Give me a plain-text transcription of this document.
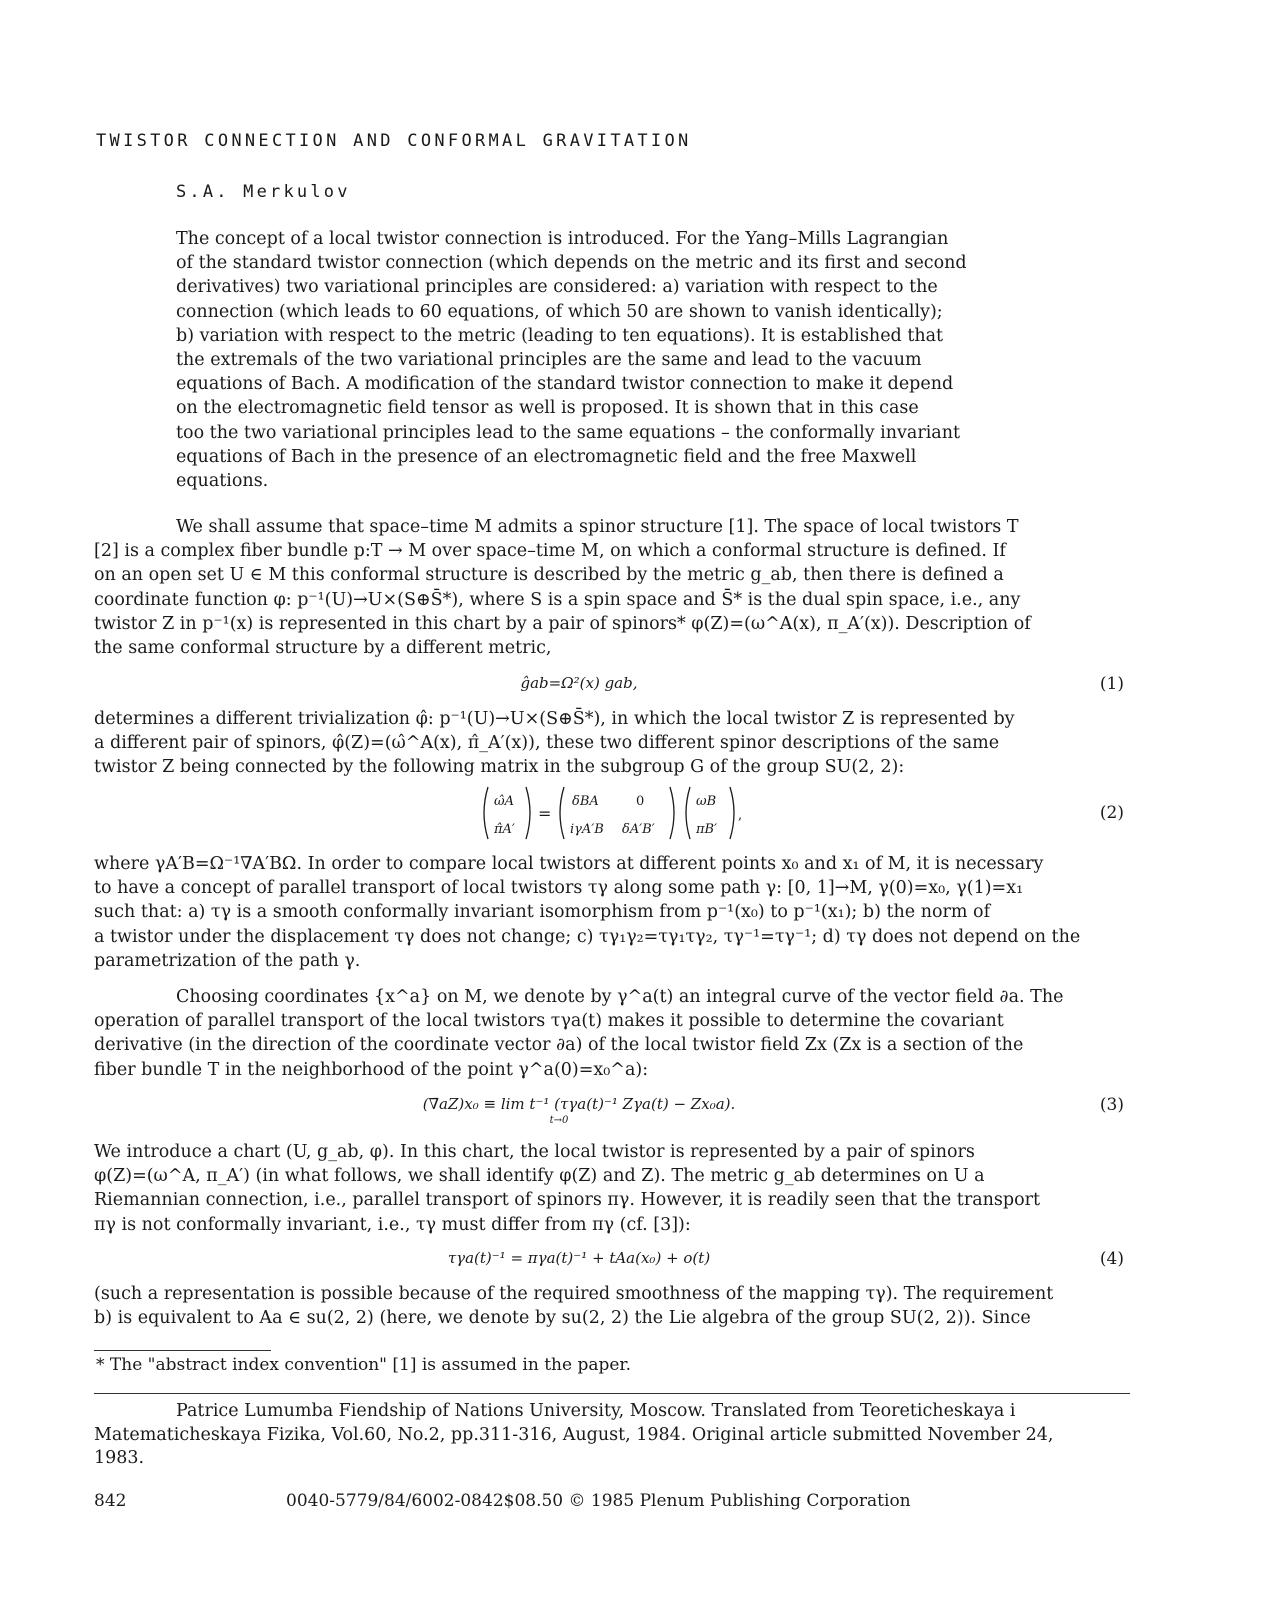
TWISTOR CONNECTION AND CONFORMAL GRAVITATION
S.A. Merkulov
The concept of a local twistor connection is introduced. For the Yang–Mills Lagrangian
of the standard twistor connection (which depends on the metric and its first and second
derivatives) two variational principles are considered: a) variation with respect to the
connection (which leads to 60 equations, of which 50 are shown to vanish identically);
b) variation with respect to the metric (leading to ten equations). It is established that
the extremals of the two variational principles are the same and lead to the vacuum
equations of Bach. A modification of the standard twistor connection to make it depend
on the electromagnetic field tensor as well is proposed. It is shown that in this case
too the two variational principles lead to the same equations – the conformally invariant
equations of Bach in the presence of an electromagnetic field and the free Maxwell
equations.
We shall assume that space–time M admits a spinor structure [1]. The space of local twistors T
[2] is a complex fiber bundle p:T → M over space–time M, on which a conformal structure is defined. If
on an open set U ∈ M this conformal structure is described by the metric g_ab, then there is defined a
coordinate function φ: p⁻¹(U)→U×(S⊕S̄*), where S is a spin space and S̄* is the dual spin space, i.e., any
twistor Z in p⁻¹(x) is represented in this chart by a pair of spinors* φ(Z)=(ω^A(x), π_A′(x)). Description of
the same conformal structure by a different metric,
ĝab=Ω²(x) gab,	(1)
determines a different trivialization φ̂: p⁻¹(U)→U×(S⊕S̄*), in which the local twistor Z is represented by
a different pair of spinors, φ̂(Z)=(ω̂^A(x), π̂_A′(x)), these two different spinor descriptions of the same
twistor Z being connected by the following matrix in the subgroup G of the group SU(2, 2):
ω̂A
π̂A′
=
δBA	0
iγA′B δA′B′
ωB
πB′
,	(2)
where γA′B=Ω⁻¹∇A′BΩ. In order to compare local twistors at different points x₀ and x₁ of M, it is necessary
to have a concept of parallel transport of local twistors τγ along some path γ: [0, 1]→M, γ(0)=x₀, γ(1)=x₁
such that: a) τγ is a smooth conformally invariant isomorphism from p⁻¹(x₀) to p⁻¹(x₁); b) the norm of
a twistor under the displacement τγ does not change; c) τγ₁γ₂=τγ₁τγ₂, τγ⁻¹=τγ⁻¹; d) τγ does not depend on the
parametrization of the path γ.
Choosing coordinates {x^a} on M, we denote by γ^a(t) an integral curve of the vector field ∂a. The
operation of parallel transport of the local twistors τγa(t) makes it possible to determine the covariant
derivative (in the direction of the coordinate vector ∂a) of the local twistor field Zx (Zx is a section of the
fiber bundle T in the neighborhood of the point γ^a(0)=x₀^a):
(∇̄aZ)x₀ ≡ lim t⁻¹ (τγa(t)⁻¹ Zγa(t) − Zx₀a).
t→0
(3)
We introduce a chart (U, g_ab, φ). In this chart, the local twistor is represented by a pair of spinors
φ(Z)=(ω^A, π_A′) (in what follows, we shall identify φ(Z) and Z). The metric g_ab determines on U a
Riemannian connection, i.e., parallel transport of spinors πγ. However, it is readily seen that the transport
πγ is not conformally invariant, i.e., τγ must differ from πγ (cf. [3]):
τγa(t)⁻¹ = πγa(t)⁻¹ + tAa(x₀) + o(t)	(4)
(such a representation is possible because of the required smoothness of the mapping τγ). The requirement
b) is equivalent to Aa ∈ su(2, 2) (here, we denote by su(2, 2) the Lie algebra of the group SU(2, 2)). Since
* The "abstract index convention" [1] is assumed in the paper.
Patrice Lumumba Fiendship of Nations University, Moscow. Translated from Teoreticheskaya i
Matematicheskaya Fizika, Vol.60, No.2, pp.311-316, August, 1984. Original article submitted November 24,
1983.
842	0040-5779/84/6002-0842$08.50 © 1985 Plenum Publishing Corporation
